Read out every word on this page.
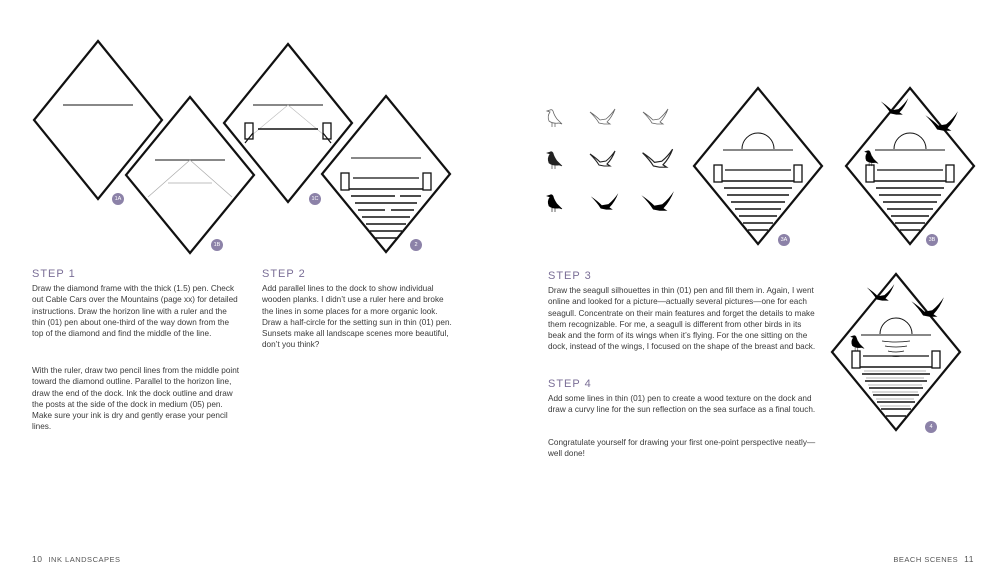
1A
1B
1C
2
3A	3B
4
STEP 1

Draw the diamond frame with the thick (1.5) pen. Check out Cable Cars over the Mountains (page xx) for detailed instructions. Draw the horizon line with a ruler and the thin (01) pen about one-third of the way down from the top of the diamond and find the middle of the line.

With the ruler, draw two pencil lines from the middle point toward the diamond outline. Parallel to the horizon line, draw the end of the dock. Ink the dock outline and draw the posts at the side of the dock in medium (05) pen. Make sure your ink is dry and gently erase your pencil lines.

STEP 2

Add parallel lines to the dock to show individual wooden planks. I didn’t use a ruler here and broke the lines in some places for a more organic look. Draw a half-circle for the setting sun in thin (01) pen. Sunsets make all landscape scenes more beautiful, don’t you think?

STEP 3

Draw the seagull silhouettes in thin (01) pen and fill them in. Again, I went online and looked for a picture—actually several pictures—one for each seagull. Concentrate on their main features and forget the details to make them recognizable. For me, a seagull is different from other birds in its beak and the form of its wings when it’s flying. For the one sitting on the dock, instead of the wings, I focused on the shape of the breast and back.

STEP 4

Add some lines in thin (01) pen to create a wood texture on the dock and draw a curvy line for the sun reflection on the sea surface as a final touch.

Congratulate yourself for drawing your first one-point perspective neatly—well done!

10 INK LANDSCAPES	BEACH SCENES 11
